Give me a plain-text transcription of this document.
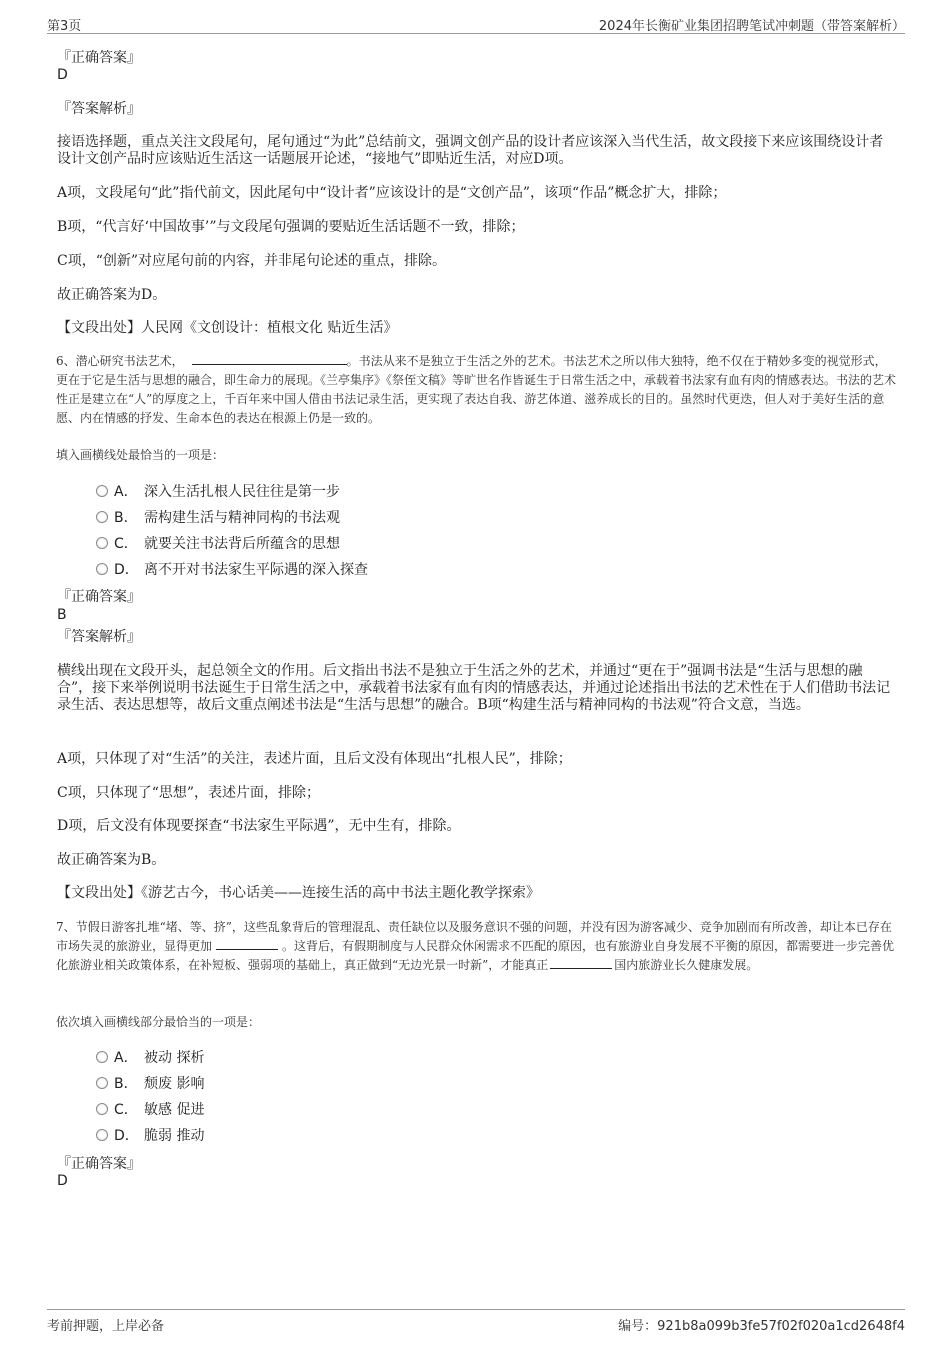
第3页	2024年长衡矿业集团招聘笔试冲刺题（带答案解析）
『正确答案』
D
『答案解析』
接语选择题，重点关注文段尾句，尾句通过“为此”总结前文，强调文创产品的设计者应该深入当代生活，故文段接下来应该围绕设计者设计文创产品时应该贴近生活这一话题展开论述，“接地气”即贴近生活，对应D项。
A项，文段尾句“此”指代前文，因此尾句中“设计者”应该设计的是“文创产品”，该项“作品”概念扩大，排除；
B项，“代言好‘中国故事’”与文段尾句强调的要贴近生活话题不一致，排除；
C项，“创新”对应尾句前的内容，并非尾句论述的重点，排除。
故正确答案为D。
【文段出处】人民网《文创设计：植根文化 贴近生活》
6、潜心研究书法艺术，	。书法从来不是独立于生活之外的艺术。书法艺术之所以伟大独特，绝不仅在于精妙多变的视觉形式，更在于它是生活与思想的融合，即生命力的展现。《兰亭集序》《祭侄文稿》等旷世名作皆诞生于日常生活之中，承载着书法家有血有肉的情感表达。书法的艺术性正是建立在“人”的厚度之上，千百年来中国人借由书法记录生活，更实现了表达自我、游艺体道、滋养成长的目的。虽然时代更迭，但人对于美好生活的意愿、内在情感的抒发、生命本色的表达在根源上仍是一致的。
填入画横线处最恰当的一项是：
A． 深入生活扎根人民往往是第一步
B． 需构建生活与精神同构的书法观
C． 就要关注书法背后所蕴含的思想
D． 离不开对书法家生平际遇的深入探查
『正确答案』
B
『答案解析』
横线出现在文段开头，起总领全文的作用。后文指出书法不是独立于生活之外的艺术，并通过“更在于”强调书法是“生活与思想的融合”，接下来举例说明书法诞生于日常生活之中，承载着书法家有血有肉的情感表达，并通过论述指出书法的艺术性在于人们借助书法记录生活、表达思想等，故后文重点阐述书法是“生活与思想”的融合。B项“构建生活与精神同构的书法观”符合文意，当选。
A项，只体现了对“生活”的关注，表述片面，且后文没有体现出“扎根人民”，排除；
C项，只体现了“思想”，表述片面，排除；
D项，后文没有体现要探查“书法家生平际遇”，无中生有，排除。
故正确答案为B。
【文段出处】《游艺古今，书心话美——连接生活的高中书法主题化教学探索》
7、节假日游客扎堆“堵、等、挤”，这些乱象背后的管理混乱、责任缺位以及服务意识不强的问题，并没有因为游客减少、竞争加剧而有所改善，却让本已存在市场失灵的旅游业，显得更加	。这背后，有假期制度与人民群众休闲需求不匹配的原因，也有旅游业自身发展不平衡的原因，都需要进一步完善优化旅游业相关政策体系，在补短板、强弱项的基础上，真正做到“无边光景一时新”，才能真正	国内旅游业长久健康发展。
依次填入画横线部分最恰当的一项是：
A． 被动 探析
B． 颓废 影响
C． 敏感 促进
D． 脆弱 推动
『正确答案』
D
考前押题，上岸必备	编号：921b8a099b3fe57f02f020a1cd2648f4
